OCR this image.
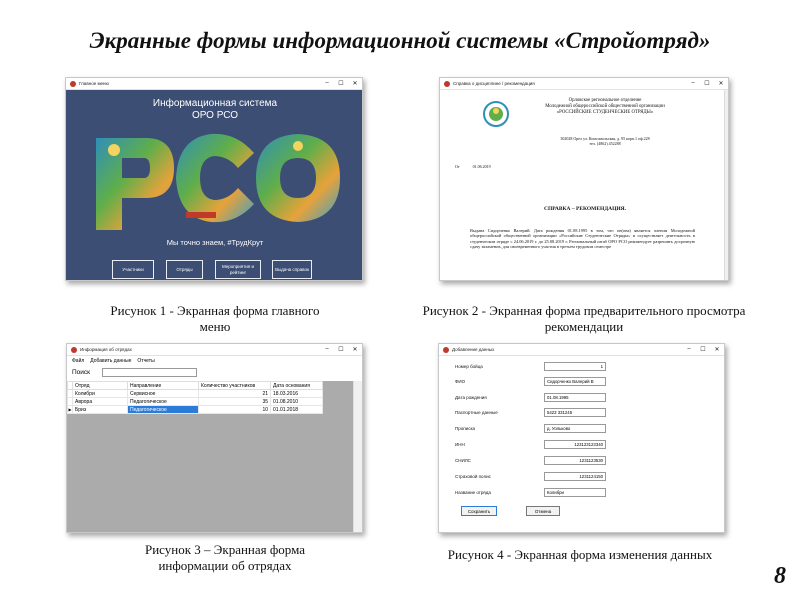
Экранные формы информационной системы «Стройотряд»
Главное меню	–	☐	✕
Информационная система ОРО РСО
Мы точно знаем, #ТрудКрут
Участники	Отряды
Мероприятия и рейтинг
Выдача справок
Рисунок 1 - Экранная форма главного меню
Справка о дисциплине / рекомендация	–	☐	✕
Орловское региональное отделение
Молодежной общероссийской общественной организации
«РОССИЙСКИЕ СТУДЕНЧЕСКИЕ ОТРЯДЫ»
302028 Орел ул. Комсомольская, д. 95 корп.1 оф.228
тел. (4862) 452288
От	01.06.2019
СПРАВКА – РЕКОМЕНДАЦИЯ.
Выдана Сидорченко Валерий. Дата рождения 01.08.1995 в том, что он(она) является членом Молодежной общероссийской общественной организации «Российские Студенческие Отряды» и осуществляет деятельность в студенческом отряде с 24.06.2019 г. до 25.08.2019 г. Региональный штаб ОРО РСО рекомендует разрешить досрочную сдачу экзаменов, для своевременного участия в третьем трудовом семестре
Рисунок 2 - Экранная форма предварительного просмотра рекомендации
Информация об отрядах	–	☐	✕
Файл Добавить данные Отчеты
Поиск
	Отряд	Направление	Количество участников	Дата основания
	Колибри	Сервисное	21	18.03.2016
	Аврора	Педагогическое	35	01.08.2010
▶	Бриз	Педагогическое	10	01.01.2018
Рисунок 3 – Экранная форма информации об отрядах
Добавление данных	–	☐	✕
Номер бойца	1
ФИО	Сидорченко Валерий В
Дата рождения	01.08.1995
Паспортные данные	5423 331245
Прописка	д. Уольково
ИНН	123123123340
СНИЛС	1231123530
Страховой полис	1231124150
Название отряда	Колибри
Сохранить	Отмена
Рисунок 4 - Экранная форма изменения данных
8
